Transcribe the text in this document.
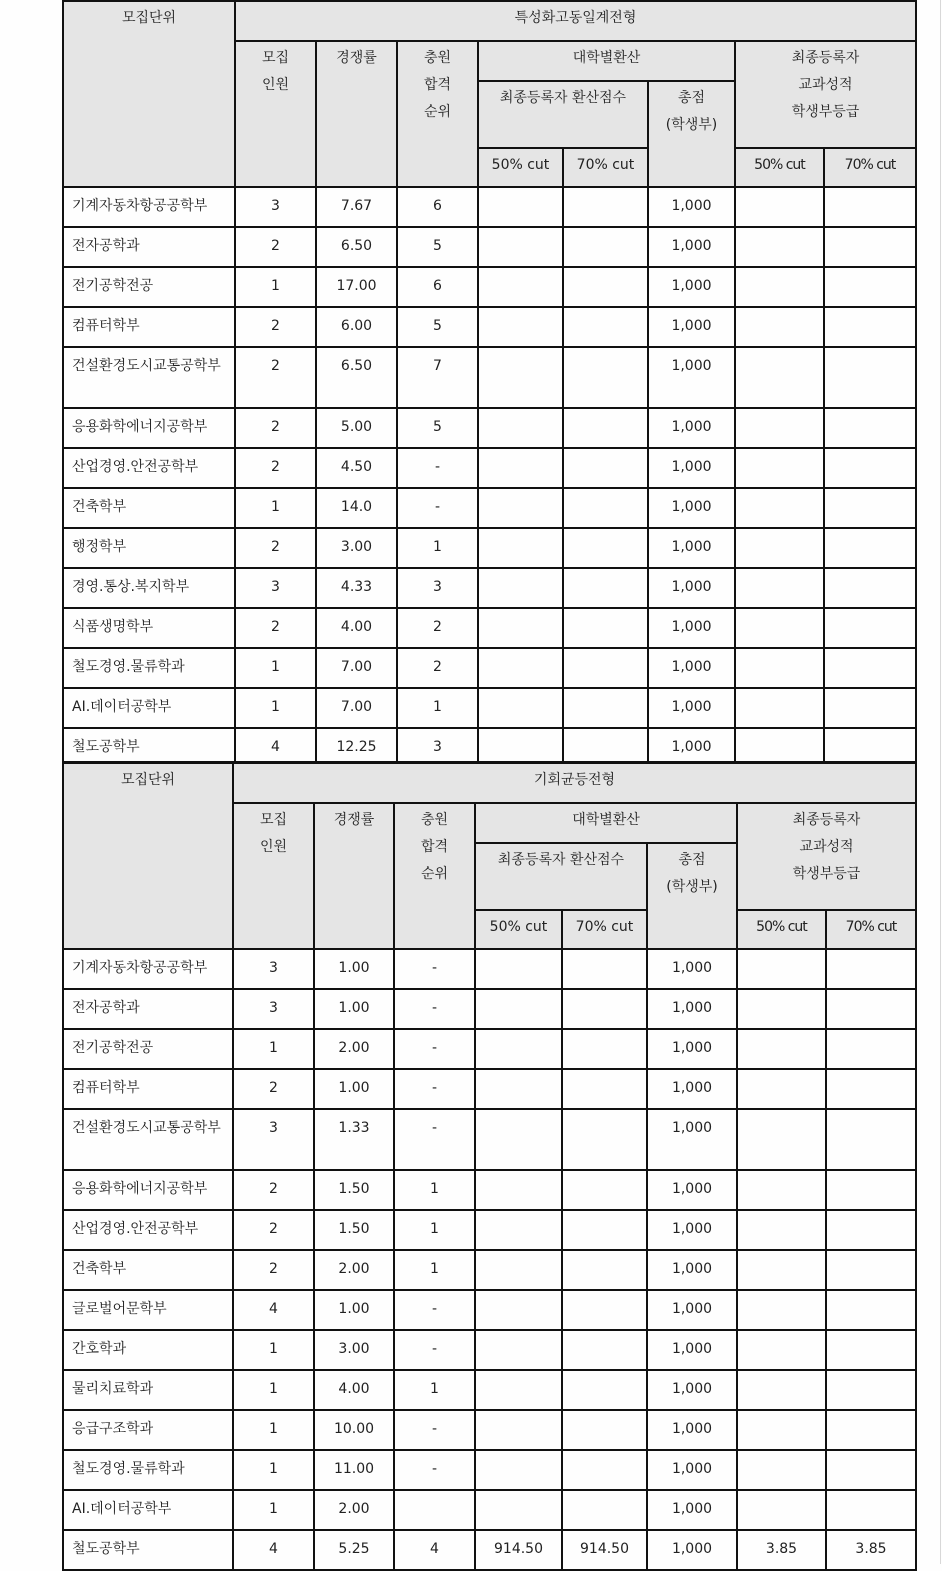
모집단위	특성화고동일계전형							
	모집
인원	경쟁률	충원
합격
순위	대학별환산			최종등록자
교과성적
학생부등급	
				최종등록자 환산점수		총점
(학생부)		
				50% cut	70% cut		50% cut	70% cut
기계자동차항공공학부	3	7.67	6			1,000		
전자공학과	2	6.50	5			1,000		
전기공학전공	1	17.00	6			1,000		
컴퓨터학부	2	6.00	5			1,000		
건설환경도시교통공학부	2	6.50	7			1,000		
응용화학에너지공학부	2	5.00	5			1,000		
산업경영.안전공학부	2	4.50	-			1,000		
건축학부	1	14.0	-			1,000		
행정학부	2	3.00	1			1,000		
경영.통상.복지학부	3	4.33	3			1,000		
식품생명학부	2	4.00	2			1,000		
철도경영.물류학과	1	7.00	2			1,000		
AI.데이터공학부	1	7.00	1			1,000		
철도공학부	4	12.25	3			1,000		
모집단위	기회균등전형							
	모집
인원	경쟁률	충원
합격
순위	대학별환산			최종등록자
교과성적
학생부등급	
				최종등록자 환산점수		총점
(학생부)		
				50% cut	70% cut		50% cut	70% cut
기계자동차항공공학부	3	1.00	-			1,000		
전자공학과	3	1.00	-			1,000		
전기공학전공	1	2.00	-			1,000		
컴퓨터학부	2	1.00	-			1,000		
건설환경도시교통공학부	3	1.33	-			1,000		
응용화학에너지공학부	2	1.50	1			1,000		
산업경영.안전공학부	2	1.50	1			1,000		
건축학부	2	2.00	1			1,000		
글로벌어문학부	4	1.00	-			1,000		
간호학과	1	3.00	-			1,000		
물리치료학과	1	4.00	1			1,000		
응급구조학과	1	10.00	-			1,000		
철도경영.물류학과	1	11.00	-			1,000		
AI.데이터공학부	1	2.00				1,000		
철도공학부	4	5.25	4	914.50	914.50	1,000	3.85	3.85
